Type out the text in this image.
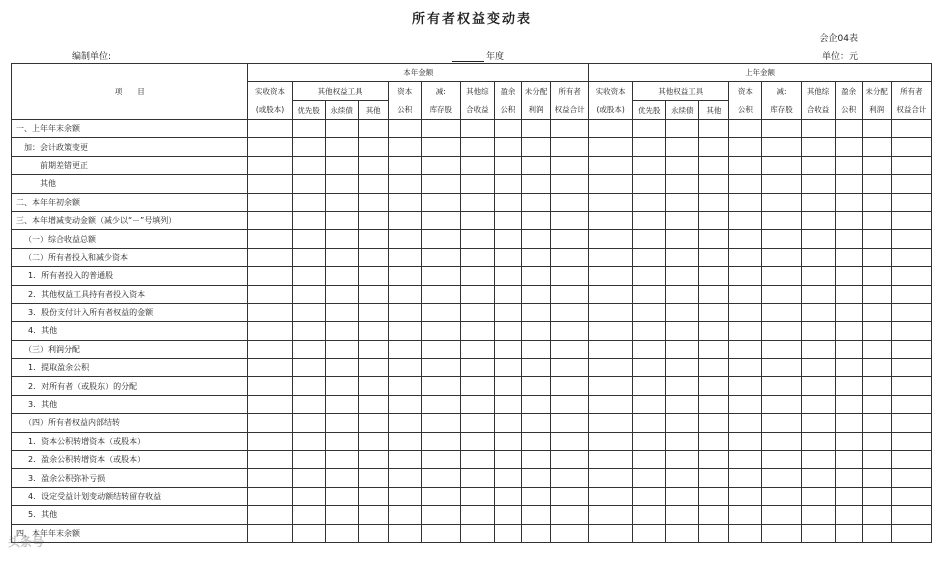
所有者权益变动表
会企04表
编制单位:	年度	单位：元
项　　目	本年金额										上年金额									
	实收资本	其他权益工具			资本	减:	其他综	盈余	未分配	所有者	实收资本	其他权益工具			资本	减:	其他综	盈余	未分配	所有者
	(或股本)	优先股	永续债	其他	公积	库存股	合收益	公积	利润	权益合计	(或股本)	优先股	永续债	其他	公积	库存股	合收益	公积	利润	权益合计
一、上年年末余额																				
加：会计政策变更																				
前期差错更正																				
其他																				
二、本年年初余额																				
三、本年增减变动金额（减少以“－”号填列）																				
（一）综合收益总额																				
（二）所有者投入和减少资本																				
1．所有者投入的普通股																				
2．其他权益工具持有者投入资本																				
3．股份支付计入所有者权益的金额																				
4．其他																				
（三）利润分配																				
1．提取盈余公积																				
2．对所有者（或股东）的分配																				
3．其他																				
（四）所有者权益内部结转																				
1．资本公积转增资本（或股本）																				
2．盈余公积转增资本（或股本）																				
3．盈余公积弥补亏损																				
4．设定受益计划变动额结转留存收益																				
5．其他																				
四、本年年末余额																				
头条号
